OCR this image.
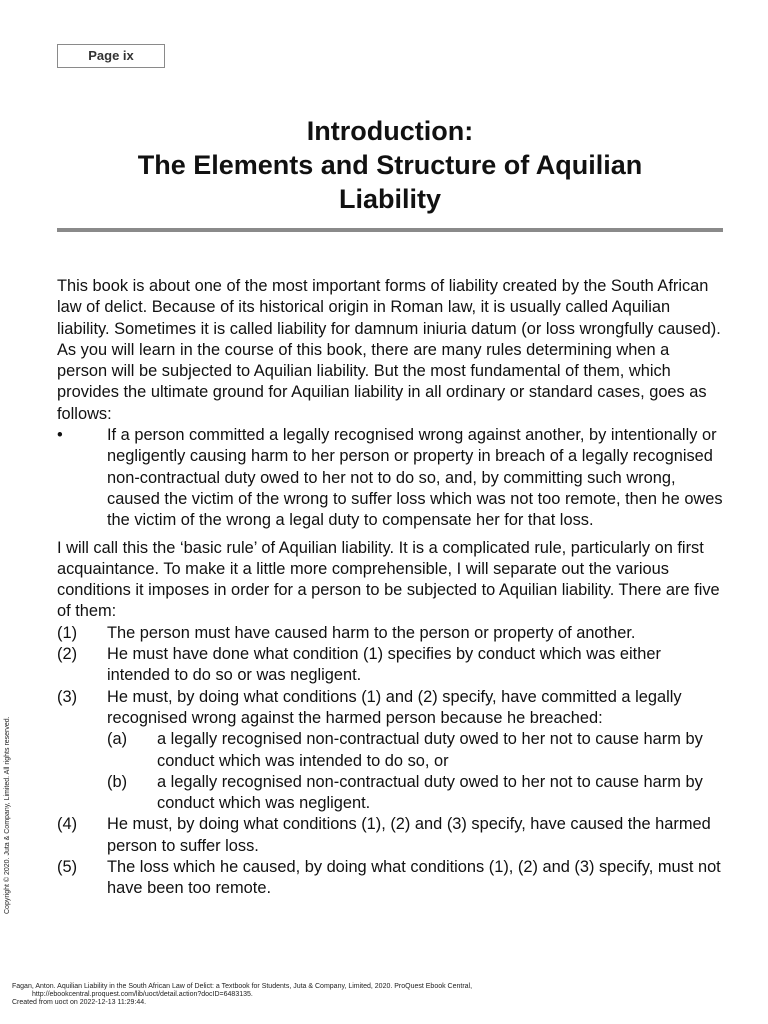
Page ix
Introduction:
The Elements and Structure of Aquilian
Liability

This book is about one of the most important forms of liability created by the South African law of delict. Because of its historical origin in Roman law, it is usually called Aquilian liability. Sometimes it is called liability for damnum iniuria datum (or loss wrongfully caused). As you will learn in the course of this book, there are many rules determining when a person will be subjected to Aquilian liability. But the most fundamental of them, which provides the ultimate ground for Aquilian liability in all ordinary or standard cases, goes as follows:

•	If a person committed a legally recognised wrong against another, by intentionally or negligently causing harm to her person or property in breach of a legally recognised non-contractual duty owed to her not to do so, and, by committing such wrong, caused the victim of the wrong to suffer loss which was not too remote, then he owes the victim of the wrong a legal duty to compensate her for that loss.

I will call this the ‘basic rule’ of Aquilian liability. It is a complicated rule, particularly on first acquaintance. To make it a little more comprehensible, I will separate out the various conditions it imposes in order for a person to be subjected to Aquilian liability. There are five of them:

(1)	The person must have caused harm to the person or property of another.
(2)	He must have done what condition (1) specifies by conduct which was either intended to do so or was negligent.
(3)	He must, by doing what conditions (1) and (2) specify, have committed a legally recognised wrong against the harmed person because he breached:
(a)	a legally recognised non-contractual duty owed to her not to cause harm by conduct which was intended to do so, or
(b)	a legally recognised non-contractual duty owed to her not to cause harm by conduct which was negligent.
(4)	He must, by doing what conditions (1), (2) and (3) specify, have caused the harmed person to suffer loss.
(5)	The loss which he caused, by doing what conditions (1), (2) and (3) specify, must not have been too remote.
Copyright © 2020. Juta & Company, Limited. All rights reserved.
Fagan, Anton. Aquilian Liability in the South African Law of Delict: a Textbook for Students, Juta & Company, Limited, 2020. ProQuest Ebook Central,
http://ebookcentral.proquest.com/lib/uoct/detail.action?docID=6483135.
Created from uoct on 2022-12-13 11:29:44.
